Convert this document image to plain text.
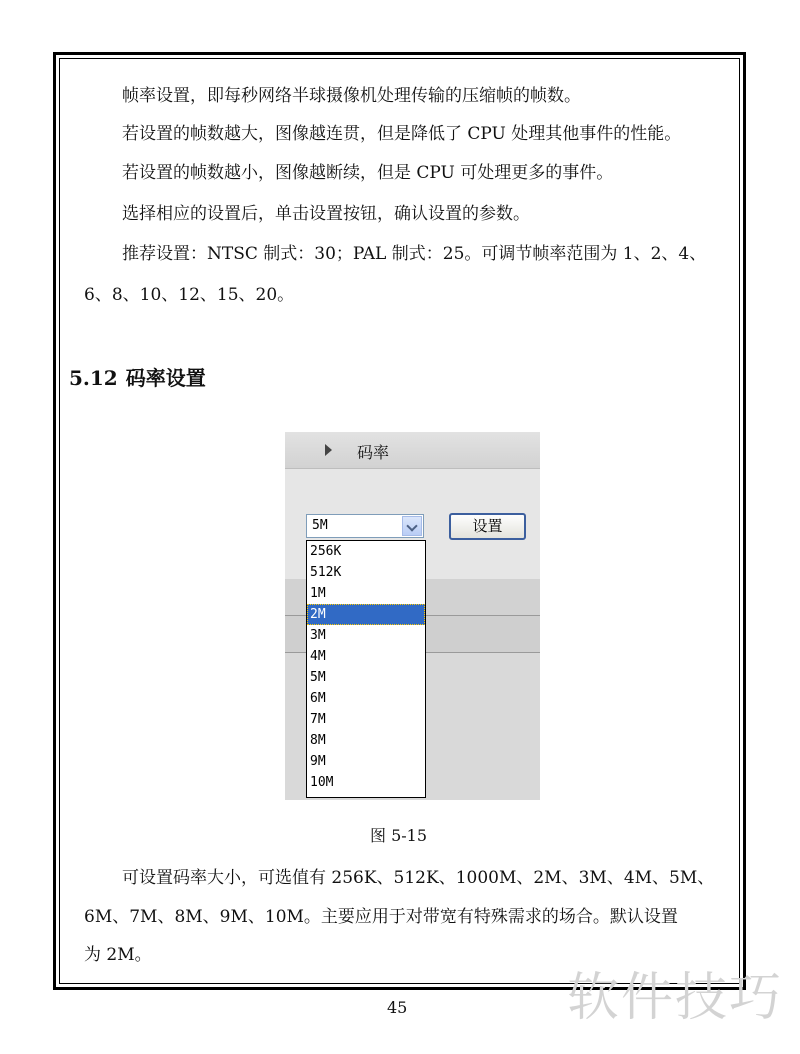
帧率设置，即每秒网络半球摄像机处理传输的压缩帧的帧数。
若设置的帧数越大，图像越连贯，但是降低了 CPU 处理其他事件的性能。
若设置的帧数越小，图像越断续，但是 CPU 可处理更多的事件。
选择相应的设置后，单击设置按钮，确认设置的参数。
推荐设置：NTSC 制式：30；PAL 制式：25。可调节帧率范围为 1、2、4、
6、8、10、12、15、20。
5.12 码率设置
码率
5M	设置
256K
512K
1M
2M
3M
4M
5M
6M
7M
8M
9M
10M
图 5-15
可设置码率大小，可选值有 256K、512K、1000M、2M、3M、4M、5M、
6M、7M、8M、9M、10M。主要应用于对带宽有特殊需求的场合。默认设置
为 2M。
45	软件技巧
